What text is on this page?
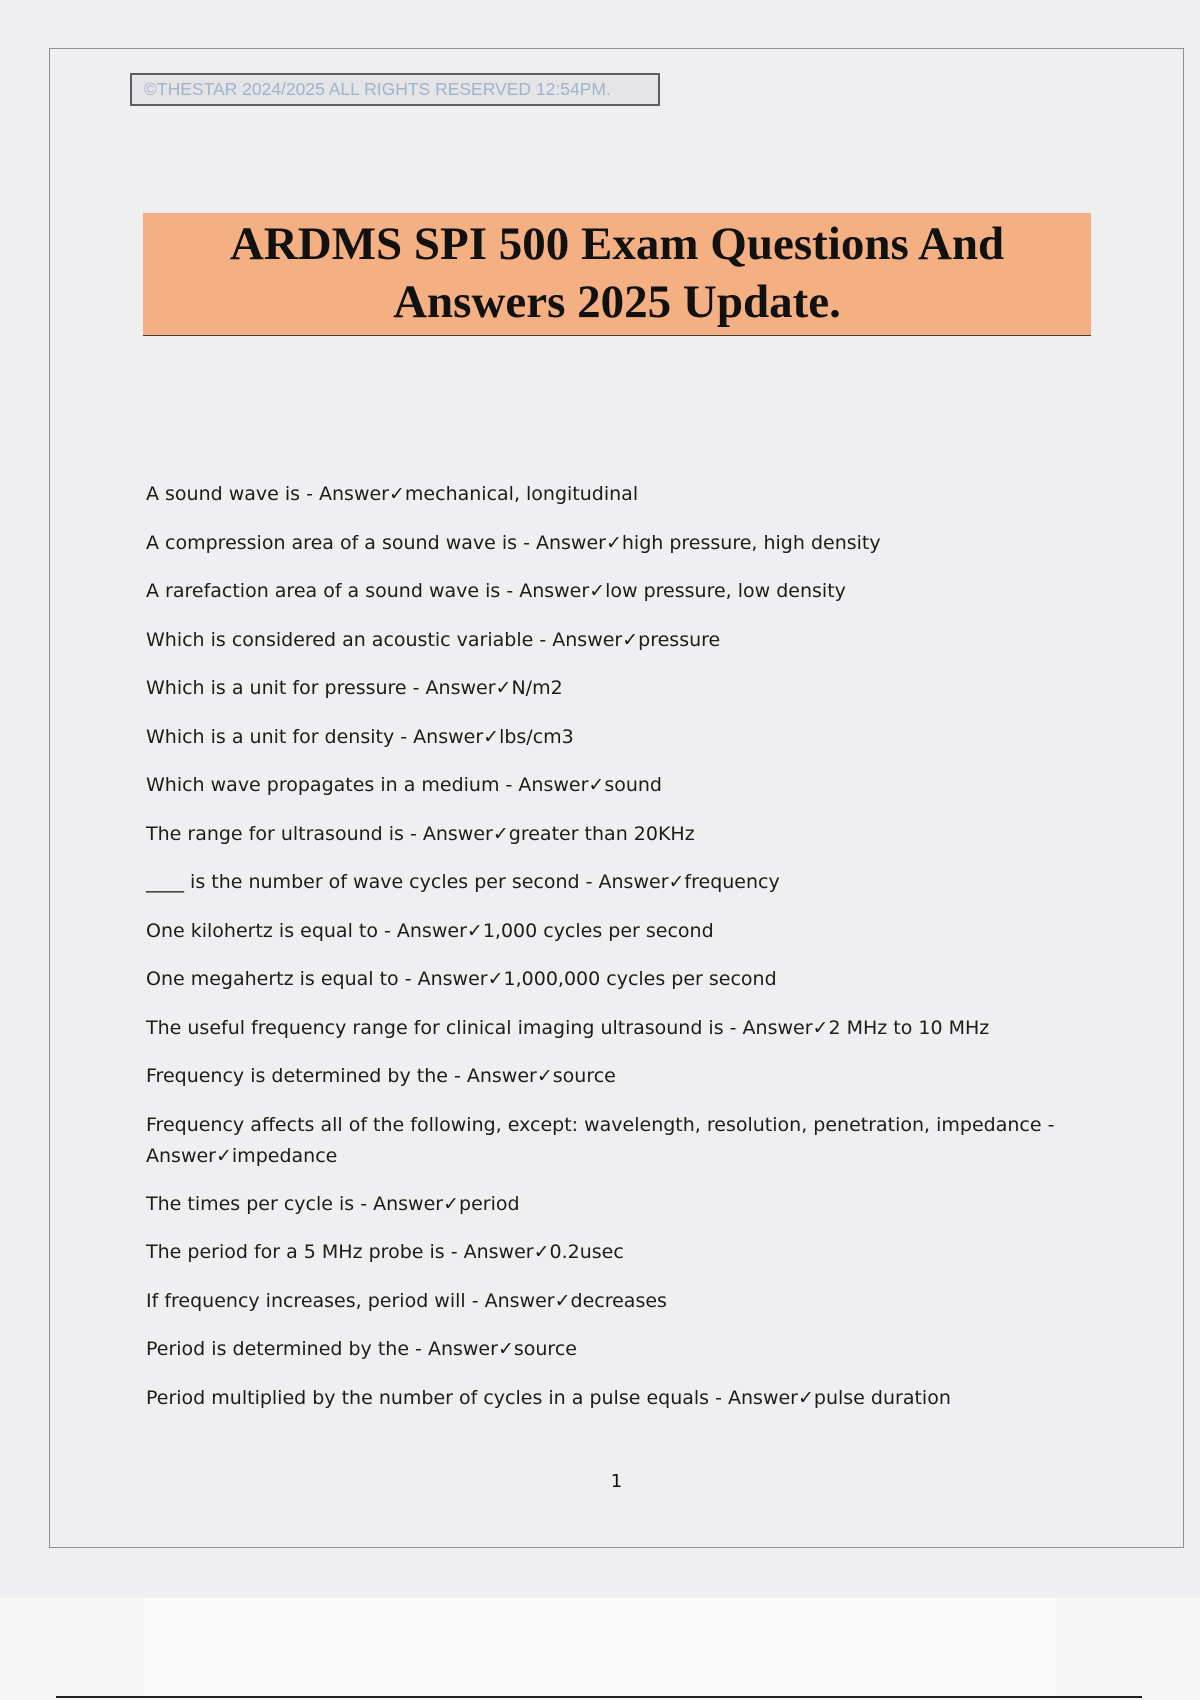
©THESTAR 2024/2025 ALL RIGHTS RESERVED 12:54PM.
ARDMS SPI 500 Exam Questions And
Answers 2025 Update.
A sound wave is - Answer✓mechanical, longitudinal
A compression area of a sound wave is - Answer✓high pressure, high density
A rarefaction area of a sound wave is - Answer✓low pressure, low density
Which is considered an acoustic variable - Answer✓pressure
Which is a unit for pressure - Answer✓N/m2
Which is a unit for density - Answer✓lbs/cm3
Which wave propagates in a medium - Answer✓sound
The range for ultrasound is - Answer✓greater than 20KHz
____ is the number of wave cycles per second - Answer✓frequency
One kilohertz is equal to - Answer✓1,000 cycles per second
One megahertz is equal to - Answer✓1,000,000 cycles per second
The useful frequency range for clinical imaging ultrasound is - Answer✓2 MHz to 10 MHz
Frequency is determined by the - Answer✓source
Frequency affects all of the following, except: wavelength, resolution, penetration, impedance - Answer✓impedance
The times per cycle is - Answer✓period
The period for a 5 MHz probe is - Answer✓0.2usec
If frequency increases, period will - Answer✓decreases
Period is determined by the - Answer✓source
Period multiplied by the number of cycles in a pulse equals - Answer✓pulse duration
1
